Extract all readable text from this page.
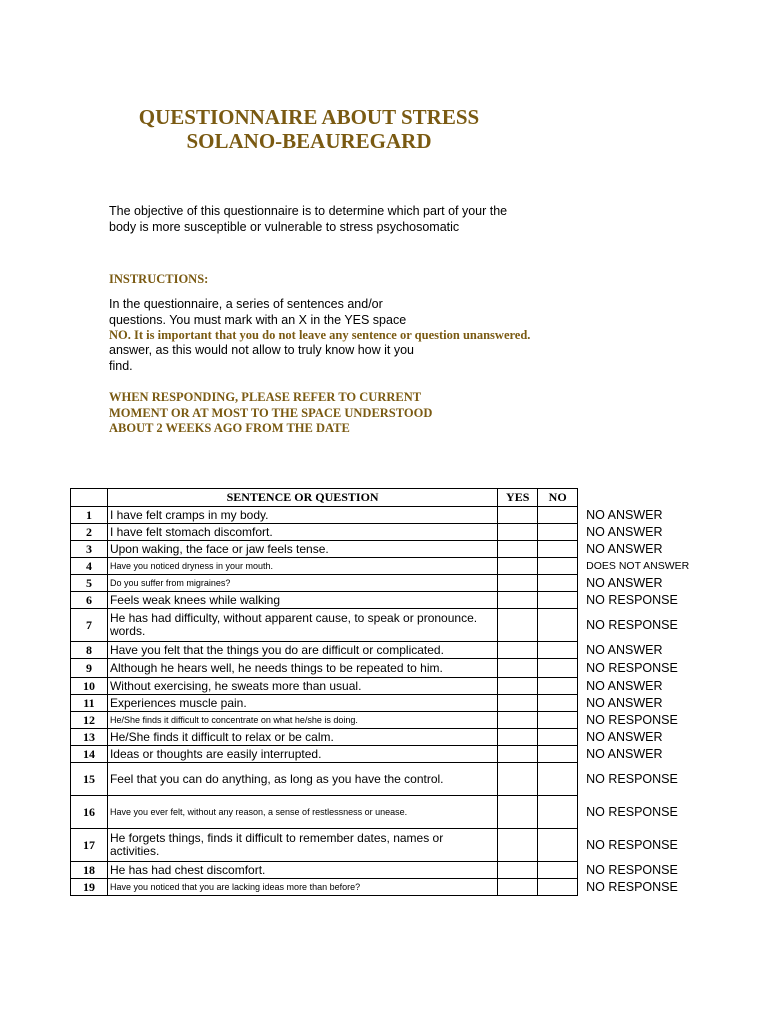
QUESTIONNAIRE ABOUT STRESS
SOLANO-BEAUREGARD
The objective of this questionnaire is to determine which part of your the body is more susceptible or vulnerable to stress psychosomatic
INSTRUCTIONS:
In the questionnaire, a series of sentences and/or questions. You must mark with an X in the YES space
NO. It is important that you do not leave any sentence or question unanswered.
answer, as this would not allow to truly know how it you find.
WHEN RESPONDING, PLEASE REFER TO CURRENT MOMENT OR AT MOST TO THE SPACE UNDERSTOOD ABOUT 2 WEEKS AGO FROM THE DATE
	SENTENCE OR QUESTION	YES	NO	
1	I have felt cramps in my body.			NO ANSWER
2	I have felt stomach discomfort.			NO ANSWER
3	Upon waking, the face or jaw feels tense.			NO ANSWER
4	Have you noticed dryness in your mouth.			DOES NOT ANSWER
5	Do you suffer from migraines?			NO ANSWER
6	Feels weak knees while walking			NO RESPONSE
7	He has had difficulty, without apparent cause, to speak or pronounce. words.			NO RESPONSE
8	Have you felt that the things you do are difficult or complicated.			NO ANSWER
9	Although he hears well, he needs things to be repeated to him.			NO RESPONSE
10	Without exercising, he sweats more than usual.			NO ANSWER
11	Experiences muscle pain.			NO ANSWER
12	He/She finds it difficult to concentrate on what he/she is doing.			NO RESPONSE
13	He/She finds it difficult to relax or be calm.			NO ANSWER
14	Ideas or thoughts are easily interrupted.			NO ANSWER
15	Feel that you can do anything, as long as you have the control.			NO RESPONSE
16	Have you ever felt, without any reason, a sense of restlessness or unease.			NO RESPONSE
17	He forgets things, finds it difficult to remember dates, names or activities.			NO RESPONSE
18	He has had chest discomfort.			NO RESPONSE
19	Have you noticed that you are lacking ideas more than before?			NO RESPONSE
